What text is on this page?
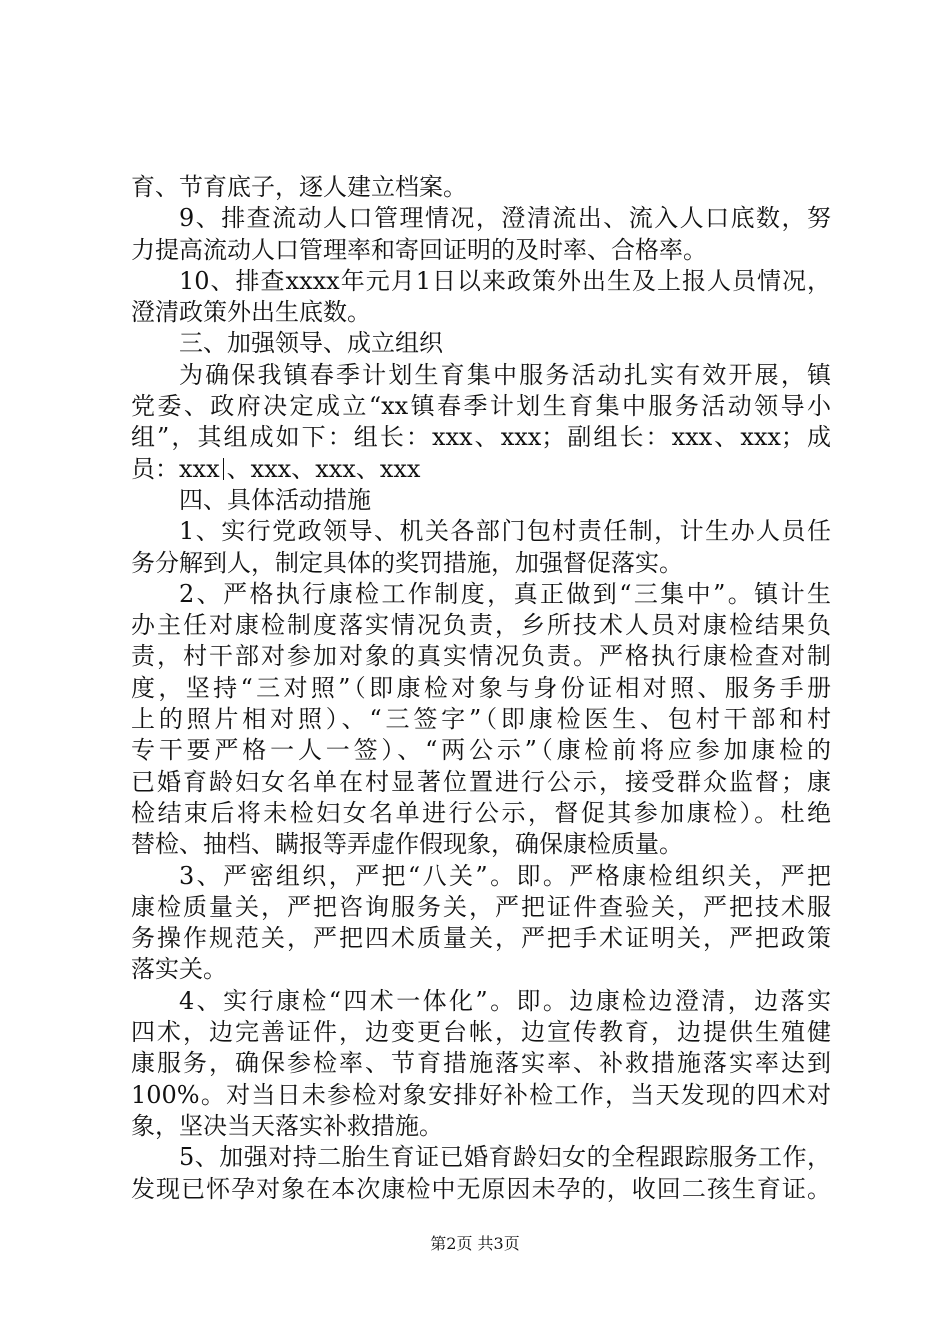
育、节育底子，逐人建立档案。
9、排查流动人口管理情况，澄清流出、流入人口底数，努
力提高流动人口管理率和寄回证明的及时率、合格率。
10、排查xxxx年元月1日以来政策外出生及上报人员情况，
澄清政策外出生底数。
三、加强领导、成立组织
为确保我镇春季计划生育集中服务活动扎实有效开展，镇
党委、政府决定成立“xx镇春季计划生育集中服务活动领导小
组”，其组成如下：组长：xxx、xxx；副组长：xxx、xxx；成
员：xxx 、xxx、xxx、xxx
四、具体活动措施
1、实行党政领导、机关各部门包村责任制，计生办人员任
务分解到人，制定具体的奖罚措施，加强督促落实。
2、严格执行康检工作制度，真正做到“三集中”。镇计生
办主任对康检制度落实情况负责，乡所技术人员对康检结果负
责，村干部对参加对象的真实情况负责。严格执行康检查对制
度，坚持“三对照”（即康检对象与身份证相对照、服务手册
上的照片相对照）、“三签字”（即康检医生、包村干部和村
专干要严格一人一签）、“两公示”（康检前将应参加康检的
已婚育龄妇女名单在村显著位置进行公示，接受群众监督；康
检结束后将未检妇女名单进行公示，督促其参加康检）。杜绝
替检、抽档、瞒报等弄虚作假现象，确保康检质量。
3、严密组织，严把“八关”。即。严格康检组织关，严把
康检质量关，严把咨询服务关，严把证件查验关，严把技术服
务操作规范关，严把四术质量关，严把手术证明关，严把政策
落实关。
4、实行康检“四术一体化”。即。边康检边澄清，边落实
四术，边完善证件，边变更台帐，边宣传教育，边提供生殖健
康服务，确保参检率、节育措施落实率、补救措施落实率达到
100%。对当日未参检对象安排好补检工作，当天发现的四术对
象，坚决当天落实补救措施。
5、加强对持二胎生育证已婚育龄妇女的全程跟踪服务工作，
发现已怀孕对象在本次康检中无原因未孕的，收回二孩生育证。
第2页 共3页
